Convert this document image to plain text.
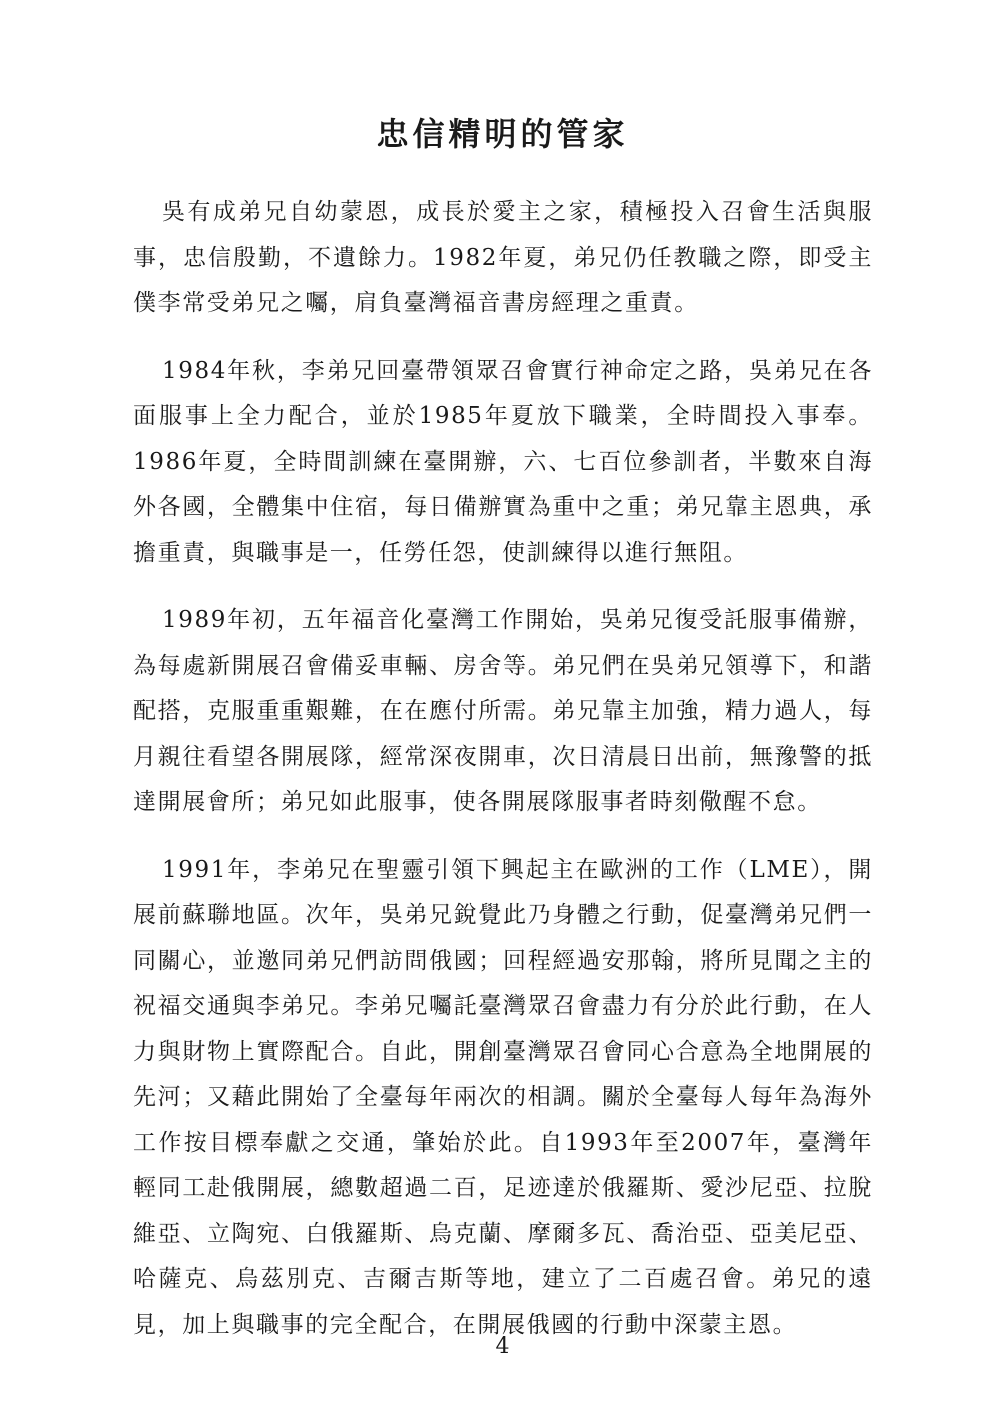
忠信精明的管家

吳有成弟兄自幼蒙恩，成長於愛主之家，積極投入召會生活與服事，忠信殷勤，不遺餘力。1982年夏，弟兄仍任教職之際，即受主僕李常受弟兄之囑，肩負臺灣福音書房經理之重責。

1984年秋，李弟兄回臺帶領眾召會實行神命定之路，吳弟兄在各面服事上全力配合，並於1985年夏放下職業，全時間投入事奉。1986年夏，全時間訓練在臺開辦，六、七百位參訓者，半數來自海外各國，全體集中住宿，每日備辦實為重中之重；弟兄靠主恩典，承擔重責，與職事是一，任勞任怨，使訓練得以進行無阻。

1989年初，五年福音化臺灣工作開始，吳弟兄復受託服事備辦，為每處新開展召會備妥車輛、房舍等。弟兄們在吳弟兄領導下，和諧配搭，克服重重艱難，在在應付所需。弟兄靠主加強，精力過人，每月親往看望各開展隊，經常深夜開車，次日清晨日出前，無豫警的抵達開展會所；弟兄如此服事，使各開展隊服事者時刻儆醒不怠。

1991年，李弟兄在聖靈引領下興起主在歐洲的工作（LME），開展前蘇聯地區。次年，吳弟兄銳覺此乃身體之行動，促臺灣弟兄們一同關心，並邀同弟兄們訪問俄國；回程經過安那翰，將所見聞之主的祝福交通與李弟兄。李弟兄囑託臺灣眾召會盡力有分於此行動，在人力與財物上實際配合。自此，開創臺灣眾召會同心合意為全地開展的先河；又藉此開始了全臺每年兩次的相調。關於全臺每人每年為海外工作按目標奉獻之交通，肇始於此。自1993年至2007年，臺灣年輕同工赴俄開展，總數超過二百，足迹達於俄羅斯、愛沙尼亞、拉脫維亞、立陶宛、白俄羅斯、烏克蘭、摩爾多瓦、喬治亞、亞美尼亞、哈薩克、烏茲別克、吉爾吉斯等地，建立了二百處召會。弟兄的遠見，加上與職事的完全配合，在開展俄國的行動中深蒙主恩。

4
